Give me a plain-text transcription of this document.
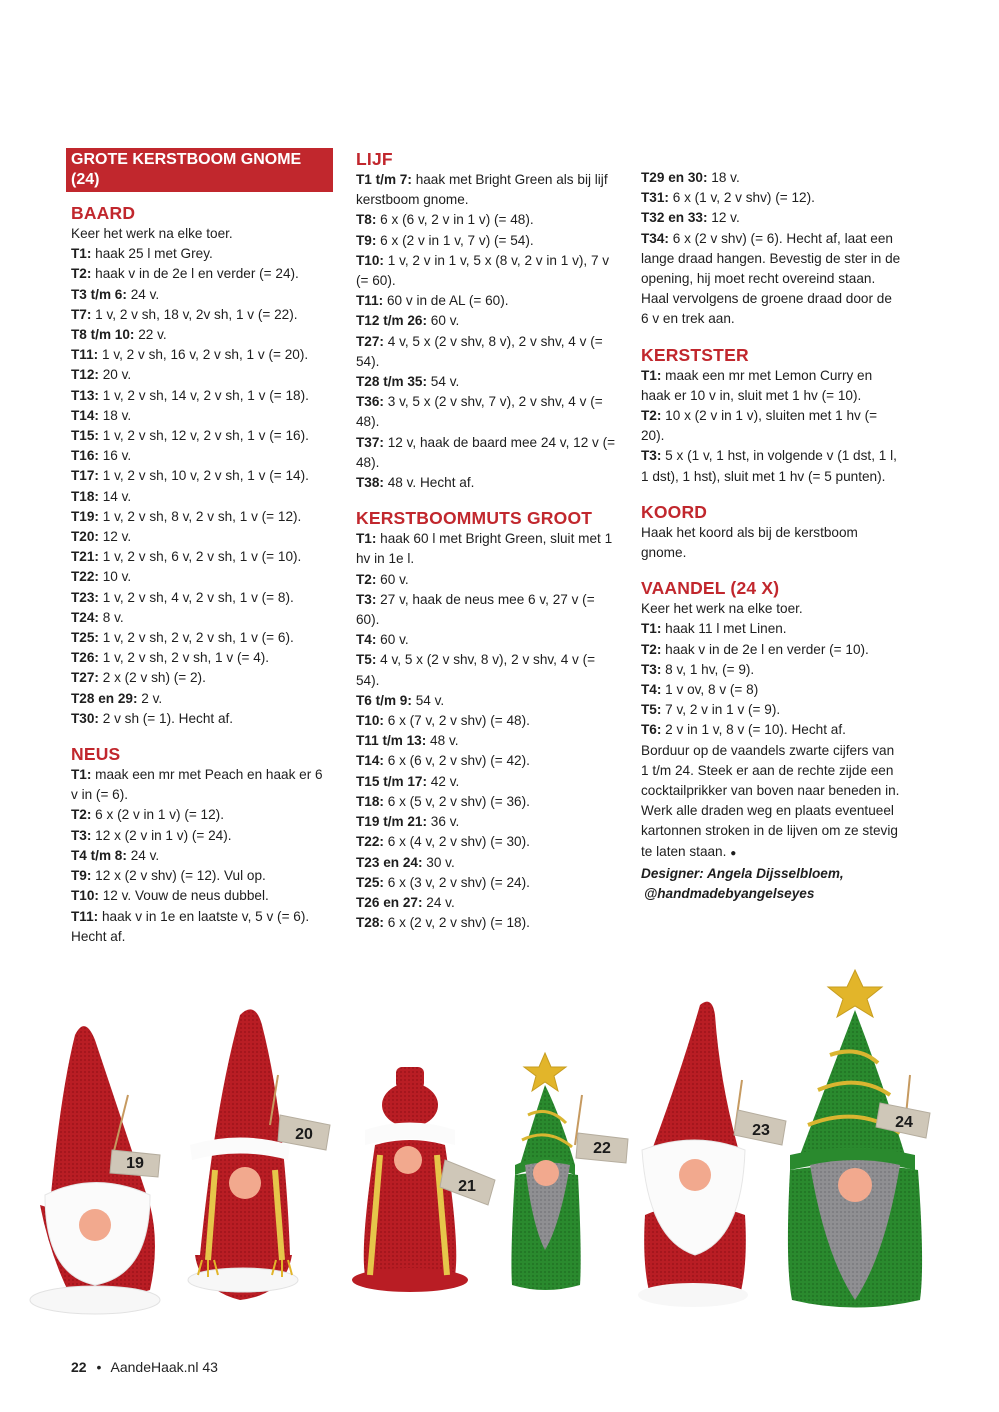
GROTE KERSTBOOM GNOME (24)
BAARD

Keer het werk na elke toer.

T1: haak 25 l met Grey.

T2: haak v in de 2e l en verder (= 24).

T3 t/m 6: 24 v.

T7: 1 v, 2 v sh, 18 v, 2v sh, 1 v (= 22).

T8 t/m 10: 22 v.

T11: 1 v, 2 v sh, 16 v, 2 v sh, 1 v (= 20).

T12: 20 v.

T13: 1 v, 2 v sh, 14 v, 2 v sh, 1 v (= 18).

T14: 18 v.

T15: 1 v, 2 v sh, 12 v, 2 v sh, 1 v (= 16).

T16: 16 v.

T17: 1 v, 2 v sh, 10 v, 2 v sh, 1 v (= 14).

T18: 14 v.

T19: 1 v, 2 v sh, 8 v, 2 v sh, 1 v (= 12).

T20: 12 v.

T21: 1 v, 2 v sh, 6 v, 2 v sh, 1 v (= 10).

T22: 10 v.

T23: 1 v, 2 v sh, 4 v, 2 v sh, 1 v (= 8).

T24: 8 v.

T25: 1 v, 2 v sh, 2 v, 2 v sh, 1 v (= 6).

T26: 1 v, 2 v sh, 2 v sh, 1 v (= 4).

T27: 2 x (2 v sh) (= 2).

T28 en 29: 2 v.

T30: 2 v sh (= 1). Hecht af.

NEUS

T1: maak een mr met Peach en haak er 6 v in (= 6).

T2: 6 x (2 v in 1 v) (= 12).

T3: 12 x (2 v in 1 v) (= 24).

T4 t/m 8: 24 v.

T9: 12 x (2 v shv) (= 12). Vul op.

T10: 12 v. Vouw de neus dubbel.

T11: haak v in 1e en laatste v, 5 v (= 6). Hecht af.

LIJF

T1 t/m 7: haak met Bright Green als bij lijf kerstboom gnome.

T8: 6 x (6 v, 2 v in 1 v) (= 48).

T9: 6 x (2 v in 1 v, 7 v) (= 54).

T10: 1 v, 2 v in 1 v, 5 x (8 v, 2 v in 1 v), 7 v (= 60).

T11: 60 v in de AL (= 60).

T12 t/m 26: 60 v.

T27: 4 v, 5 x (2 v shv, 8 v), 2 v shv, 4 v (= 54).

T28 t/m 35: 54 v.

T36: 3 v, 5 x (2 v shv, 7 v), 2 v shv, 4 v (= 48).

T37: 12 v, haak de baard mee 24 v, 12 v (= 48).

T38: 48 v. Hecht af.

KERSTBOOMMUTS GROOT

T1: haak 60 l met Bright Green, sluit met 1 hv in 1e l.

T2: 60 v.

T3: 27 v, haak de neus mee 6 v, 27 v (= 60).

T4: 60 v.

T5: 4 v, 5 x (2 v shv, 8 v), 2 v shv, 4 v (= 54).

T6 t/m 9: 54 v.

T10: 6 x (7 v, 2 v shv) (= 48).

T11 t/m 13: 48 v.

T14: 6 x (6 v, 2 v shv) (= 42).

T15 t/m 17: 42 v.

T18: 6 x (5 v, 2 v shv) (= 36).

T19 t/m 21: 36 v.

T22: 6 x (4 v, 2 v shv) (= 30).

T23 en 24: 30 v.

T25: 6 x (3 v, 2 v shv) (= 24).

T26 en 27: 24 v.

T28: 6 x (2 v, 2 v shv) (= 18).

T29 en 30: 18 v.

T31: 6 x (1 v, 2 v shv) (= 12).

T32 en 33: 12 v.

T34: 6 x (2 v shv) (= 6). Hecht af, laat een lange draad hangen. Bevestig de ster in de opening, hij moet recht overeind staan. Haal vervolgens de groene draad door de 6 v en trek aan.

KERSTSTER

T1: maak een mr met Lemon Curry en haak er 10 v in, sluit met 1 hv (= 10).

T2: 10 x (2 v in 1 v), sluiten met 1 hv (= 20).

T3: 5 x (1 v, 1 hst, in volgende v (1 dst, 1 l, 1 dst), 1 hst), sluit met 1 hv (= 5 punten).

KOORD

Haak het koord als bij de kerstboom gnome.

VAANDEL (24 X)

Keer het werk na elke toer.

T1: haak 11 l met Linen.

T2: haak v in de 2e l en verder (= 10).

T3: 8 v, 1 hv, (= 9).

T4: 1 v ov, 8 v (= 8)

T5: 7 v, 2 v in 1 v (= 9).

T6: 2 v in 1 v, 8 v (= 10). Hecht af.

Borduur op de vaandels zwarte cijfers van 1 t/m 24. Steek er aan de rechte zijde een cocktailprikker van boven naar beneden in. Werk alle draden weg en plaats eventueel kartonnen stroken in de lijven om ze stevig te laten staan. ●

Designer: Angela Dijsselbloem,

@handmadebyangelseyes

19
20
21
22
23	24
22 • AandeHaak.nl 43
